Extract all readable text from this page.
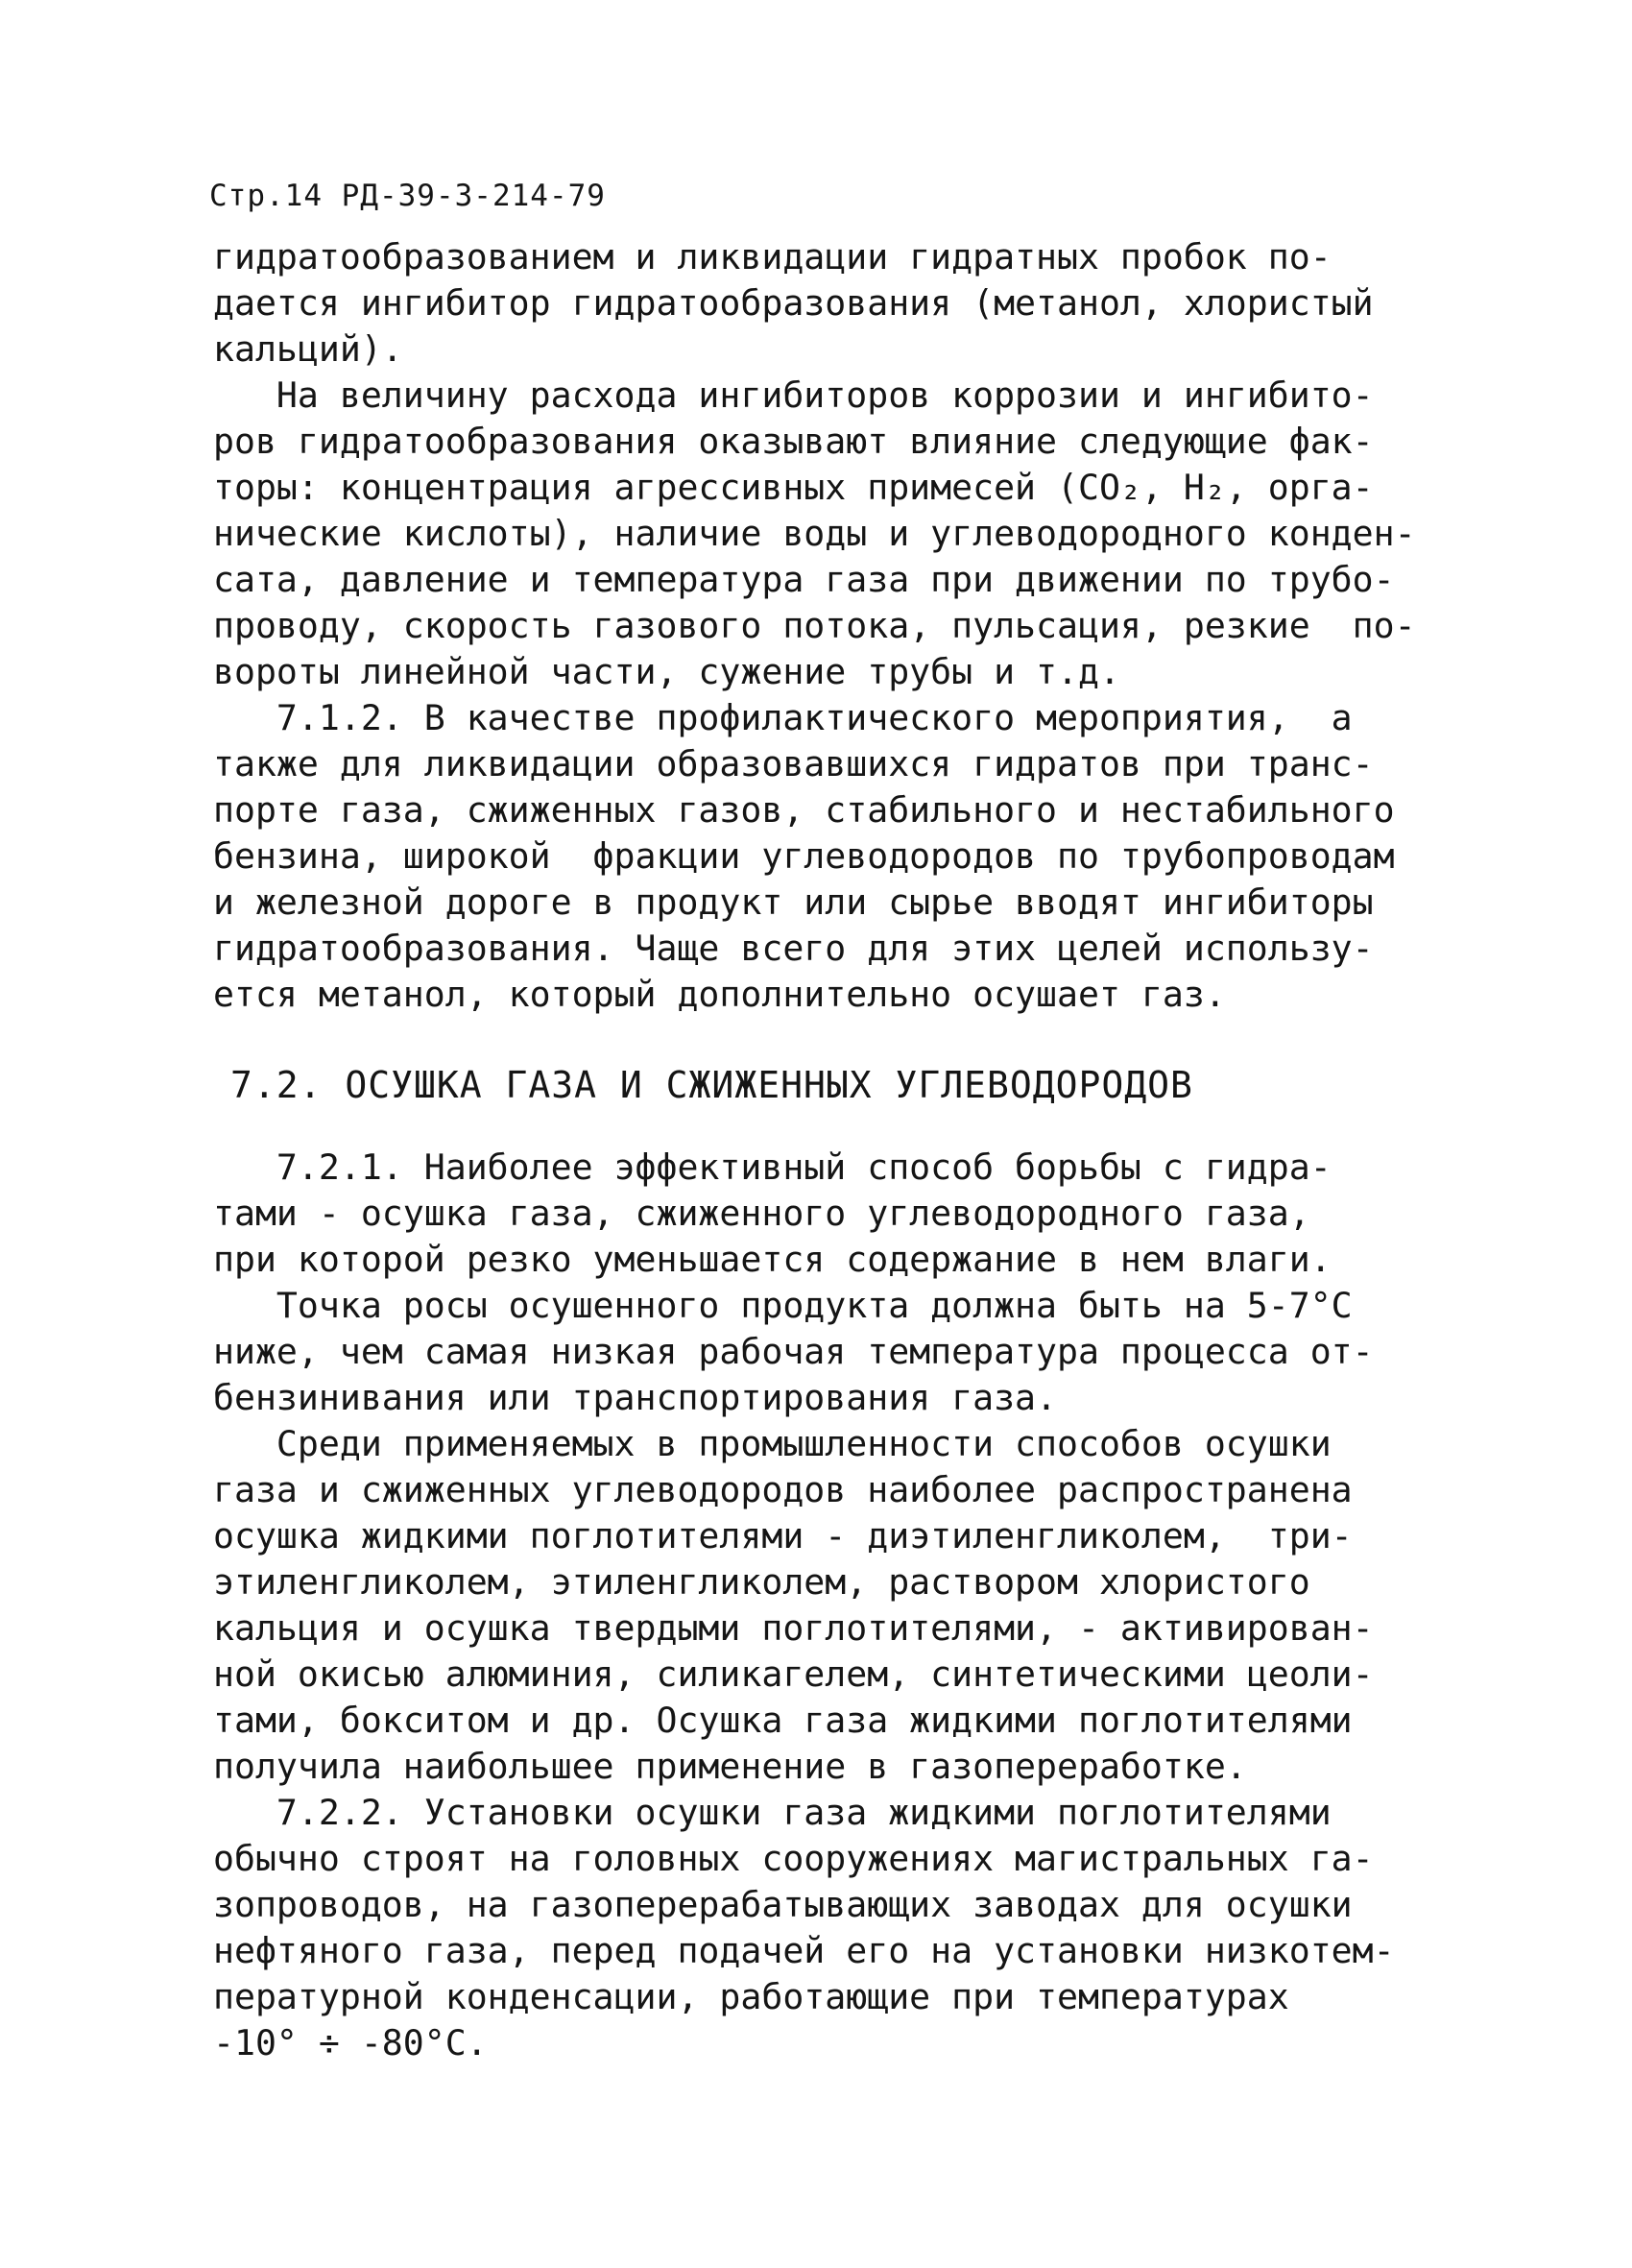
Стр.14 РД-39-3-214-79

гидратообразованием и ликвидации гидратных пробок по-

дается ингибитор гидратообразования (метанол, хлористый

кальций).

На величину расхода ингибиторов коррозии и ингибито-

ров гидратообразования оказывают влияние следующие фак-

торы: концентрация агрессивных примесей (CO₂, H₂, орга-

нические кислоты), наличие воды и углеводородного конден-

сата, давление и температура газа при движении по трубо-

проводу, скорость газового потока, пульсация, резкие  по-

вороты линейной части, сужение трубы и т.д.

7.1.2. В качестве профилактического мероприятия,  а

также для ликвидации образовавшихся гидратов при транс-

порте газа, сжиженных газов, стабильного и нестабильного

бензина, широкой  фракции углеводородов по трубопроводам

и железной дороге в продукт или сырье вводят ингибиторы

гидратообразования. Чаще всего для этих целей использу-

ется метанол, который дополнительно осушает газ.

7.2. ОСУШКА ГАЗА И СЖИЖЕННЫХ УГЛЕВОДОРОДОВ

7.2.1. Наиболее эффективный способ борьбы с гидра-

тами - осушка газа, сжиженного углеводородного газа,

при которой резко уменьшается содержание в нем влаги.

Точка росы осушенного продукта должна быть на 5-7°C

ниже, чем самая низкая рабочая температура процесса от-

бензинивания или транспортирования газа.

Среди применяемых в промышленности способов осушки

газа и сжиженных углеводородов наиболее распространена

осушка жидкими поглотителями - диэтиленгликолем,  три-

этиленгликолем, этиленгликолем, раствором хлористого

кальция и осушка твердыми поглотителями, - активирован-

ной окисью алюминия, силикагелем, синтетическими цеоли-

тами, бокситом и др. Осушка газа жидкими поглотителями

получила наибольшее применение в газопереработке.

7.2.2. Установки осушки газа жидкими поглотителями

обычно строят на головных сооружениях магистральных га-

зопроводов, на газоперерабатывающих заводах для осушки

нефтяного газа, перед подачей его на установки низкотем-

пературной конденсации, работающие при температурах

-10° ÷ -80°C.
